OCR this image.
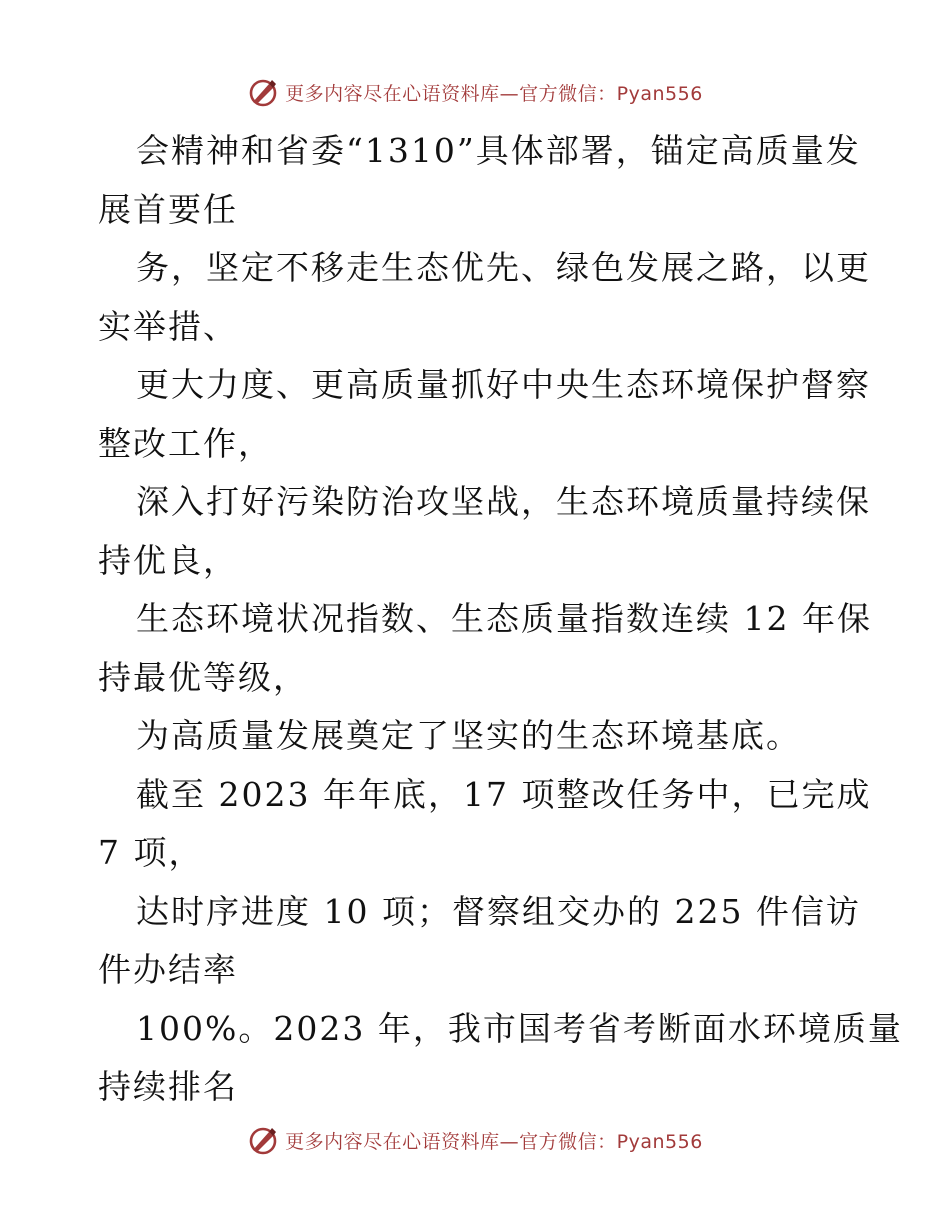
更多内容尽在心语资料库—官方微信：Pyan556

会精神和省委“1310”具体部署，锚定高质量发
展首要任

务，坚定不移走生态优先、绿色发展之路，以更
实举措、

更大力度、更高质量抓好中央生态环境保护督察
整改工作，

深入打好污染防治攻坚战，生态环境质量持续保
持优良，

生态环境状况指数、生态质量指数连续 12 年保
持最优等级，

为高质量发展奠定了坚实的生态环境基底。

截至 2023 年年底，17 项整改任务中，已完成
7 项，

达时序进度 10 项；督察组交办的 225 件信访
件办结率

100%。2023 年，我市国考省考断面水环境质量
持续排名

更多内容尽在心语资料库—官方微信：Pyan556
